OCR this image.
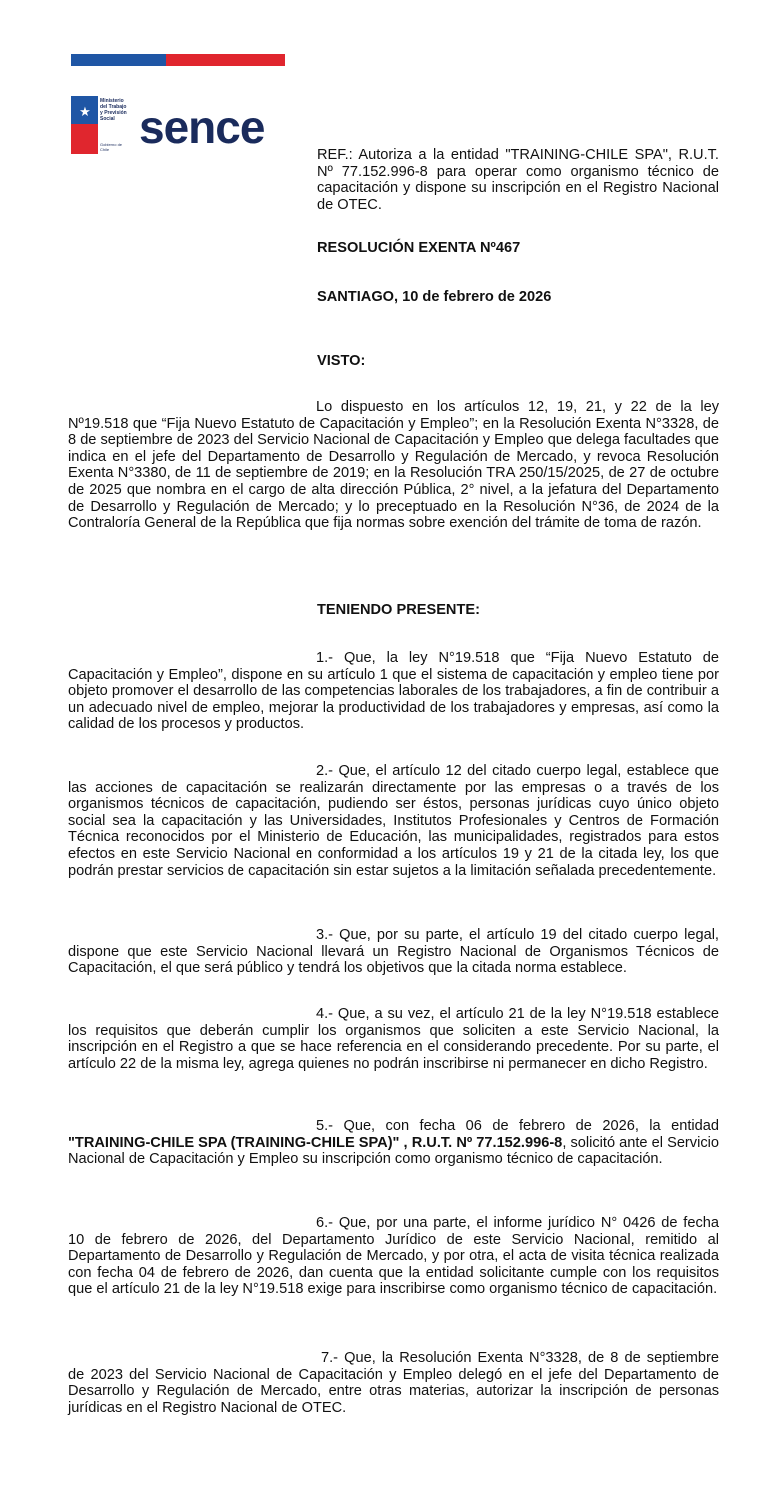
★
Ministerio del Trabajo y Previsión Social
Gobierno de Chile sence

REF.: Autoriza a la entidad "TRAINING-CHILE SPA", R.U.T. Nº 77.152.996-8 para operar como organismo técnico de capacitación y dispone su inscripción en el Registro Nacional de OTEC.

RESOLUCIÓN EXENTA Nº467

SANTIAGO, 10 de febrero de 2026

VISTO:

Lo dispuesto en los artículos 12, 19, 21, y 22 de la ley Nº19.518 que “Fija Nuevo Estatuto de Capacitación y Empleo”; en la Resolución Exenta N°3328, de 8 de septiembre de 2023 del Servicio Nacional de Capacitación y Empleo que delega facultades que indica en el jefe del Departamento de Desarrollo y Regulación de Mercado, y revoca Resolución Exenta N°3380, de 11 de septiembre de 2019; en la Resolución TRA 250/15/2025, de 27 de octubre de 2025 que nombra en el cargo de alta dirección Pública, 2° nivel, a la jefatura del Departamento de Desarrollo y Regulación de Mercado; y lo preceptuado en la Resolución N°36, de 2024 de la Contraloría General de la República que fija normas sobre exención del trámite de toma de razón.

TENIENDO PRESENTE:

1.- Que, la ley N°19.518 que “Fija Nuevo Estatuto de Capacitación y Empleo”, dispone en su artículo 1 que el sistema de capacitación y empleo tiene por objeto promover el desarrollo de las competencias laborales de los trabajadores, a fin de contribuir a un adecuado nivel de empleo, mejorar la productividad de los trabajadores y empresas, así como la calidad de los procesos y productos.

2.- Que, el artículo 12 del citado cuerpo legal, establece que las acciones de capacitación se realizarán directamente por las empresas o a través de los organismos técnicos de capacitación, pudiendo ser éstos, personas jurídicas cuyo único objeto social sea la capacitación y las Universidades, Institutos Profesionales y Centros de Formación Técnica reconocidos por el Ministerio de Educación, las municipalidades, registrados para estos efectos en este Servicio Nacional en conformidad a los artículos 19 y 21 de la citada ley, los que podrán prestar servicios de capacitación sin estar sujetos a la limitación señalada precedentemente.

3.- Que, por su parte, el artículo 19 del citado cuerpo legal, dispone que este Servicio Nacional llevará un Registro Nacional de Organismos Técnicos de Capacitación, el que será público y tendrá los objetivos que la citada norma establece.

4.- Que, a su vez, el artículo 21 de la ley N°19.518 establece los requisitos que deberán cumplir los organismos que soliciten a este Servicio Nacional, la inscripción en el Registro a que se hace referencia en el considerando precedente. Por su parte, el artículo 22 de la misma ley, agrega quienes no podrán inscribirse ni permanecer en dicho Registro.

5.- Que, con fecha 06 de febrero de 2026, la entidad "TRAINING-CHILE SPA (TRAINING-CHILE SPA)" , R.U.T. Nº 77.152.996-8, solicitó ante el Servicio Nacional de Capacitación y Empleo su inscripción como organismo técnico de capacitación.

6.- Que, por una parte, el informe jurídico N° 0426 de fecha 10 de febrero de 2026, del Departamento Jurídico de este Servicio Nacional, remitido al Departamento de Desarrollo y Regulación de Mercado, y por otra, el acta de visita técnica realizada con fecha 04 de febrero de 2026, dan cuenta que la entidad solicitante cumple con los requisitos que el artículo 21 de la ley N°19.518 exige para inscribirse como organismo técnico de capacitación.

7.- Que, la Resolución Exenta N°3328, de 8 de septiembre de 2023 del Servicio Nacional de Capacitación y Empleo delegó en el jefe del Departamento de Desarrollo y Regulación de Mercado, entre otras materias, autorizar la inscripción de personas jurídicas en el Registro Nacional de OTEC.
